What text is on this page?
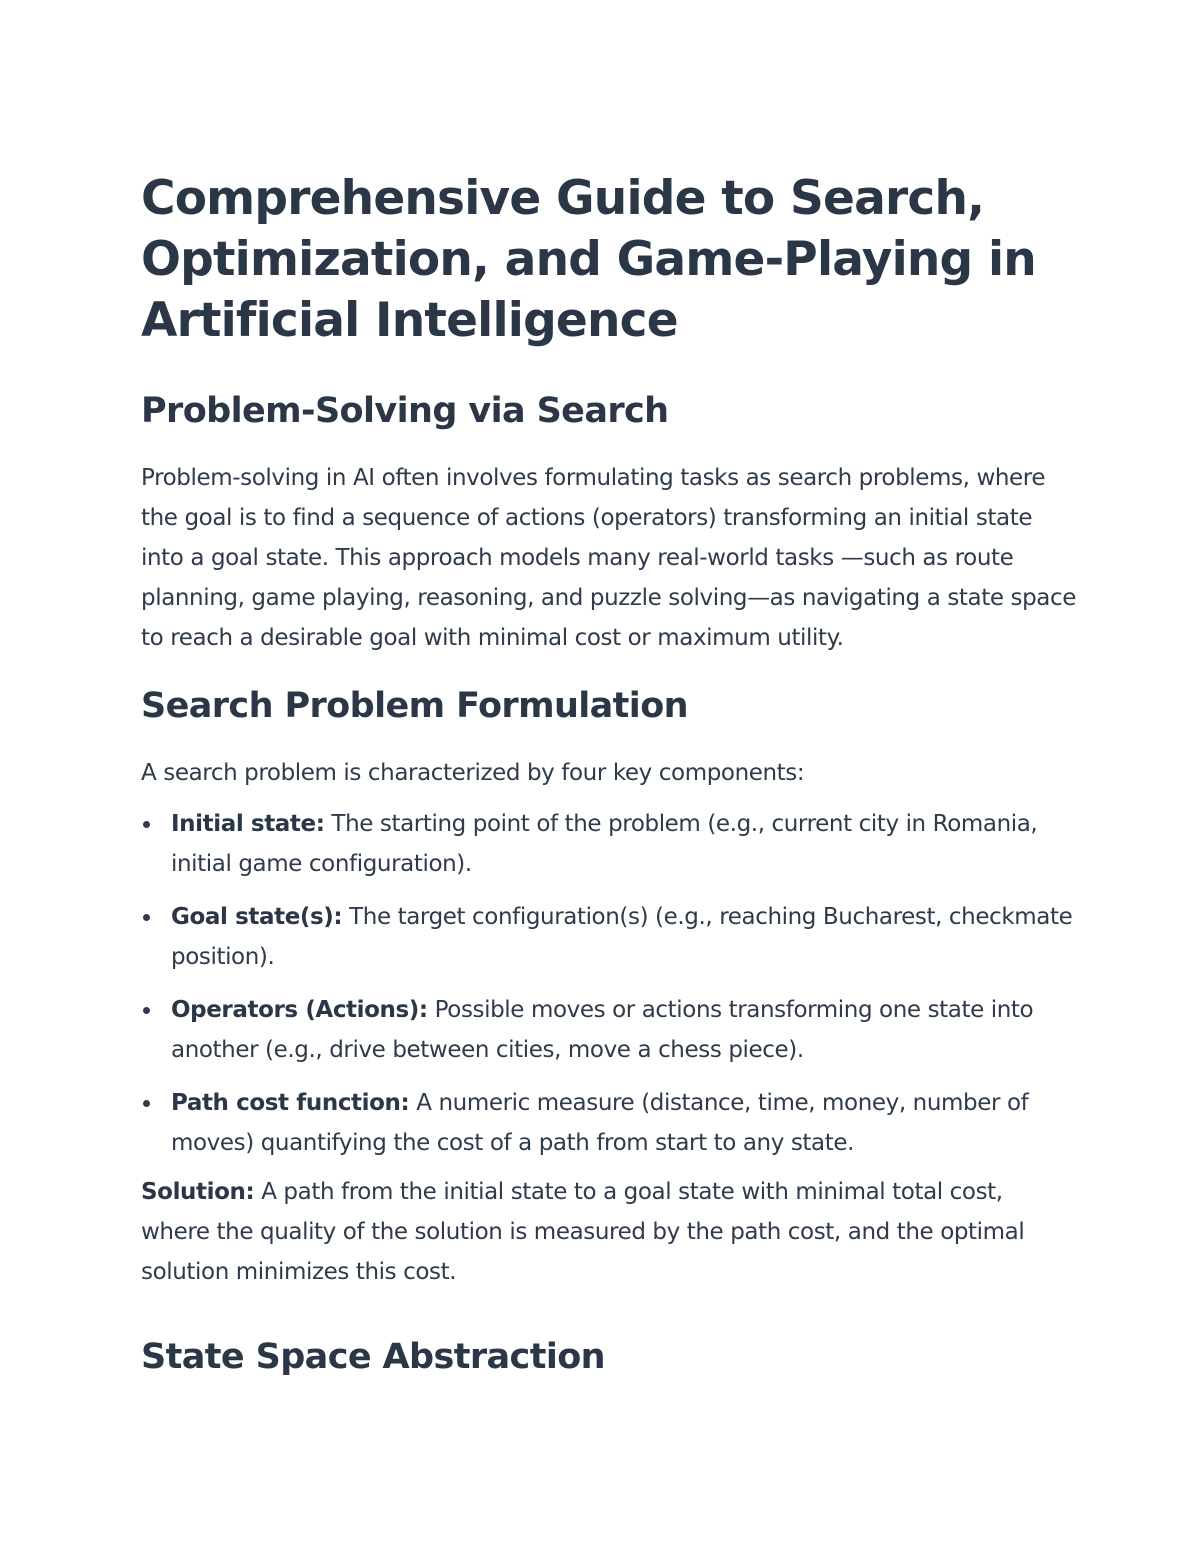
Comprehensive Guide to Search, Optimization, and Game-Playing in Artificial Intelligence
Problem-Solving via Search

Problem-solving in AI often involves formulating tasks as search problems, where the goal is to find a sequence of actions (operators) transforming an initial state into a goal state. This approach models many real-world tasks —such as route planning, game playing, reasoning, and puzzle solving—as navigating a state space to reach a desirable goal with minimal cost or maximum utility.

Search Problem Formulation

A search problem is characterized by four key components:

Initial state: The starting point of the problem (e.g., current city in Romania, initial game configuration).
Goal state(s): The target configuration(s) (e.g., reaching Bucharest, checkmate position).
Operators (Actions): Possible moves or actions transforming one state into another (e.g., drive between cities, move a chess piece).
Path cost function: A numeric measure (distance, time, money, number of moves) quantifying the cost of a path from start to any state.

Solution: A path from the initial state to a goal state with minimal total cost, where the quality of the solution is measured by the path cost, and the optimal solution minimizes this cost.

State Space Abstraction
